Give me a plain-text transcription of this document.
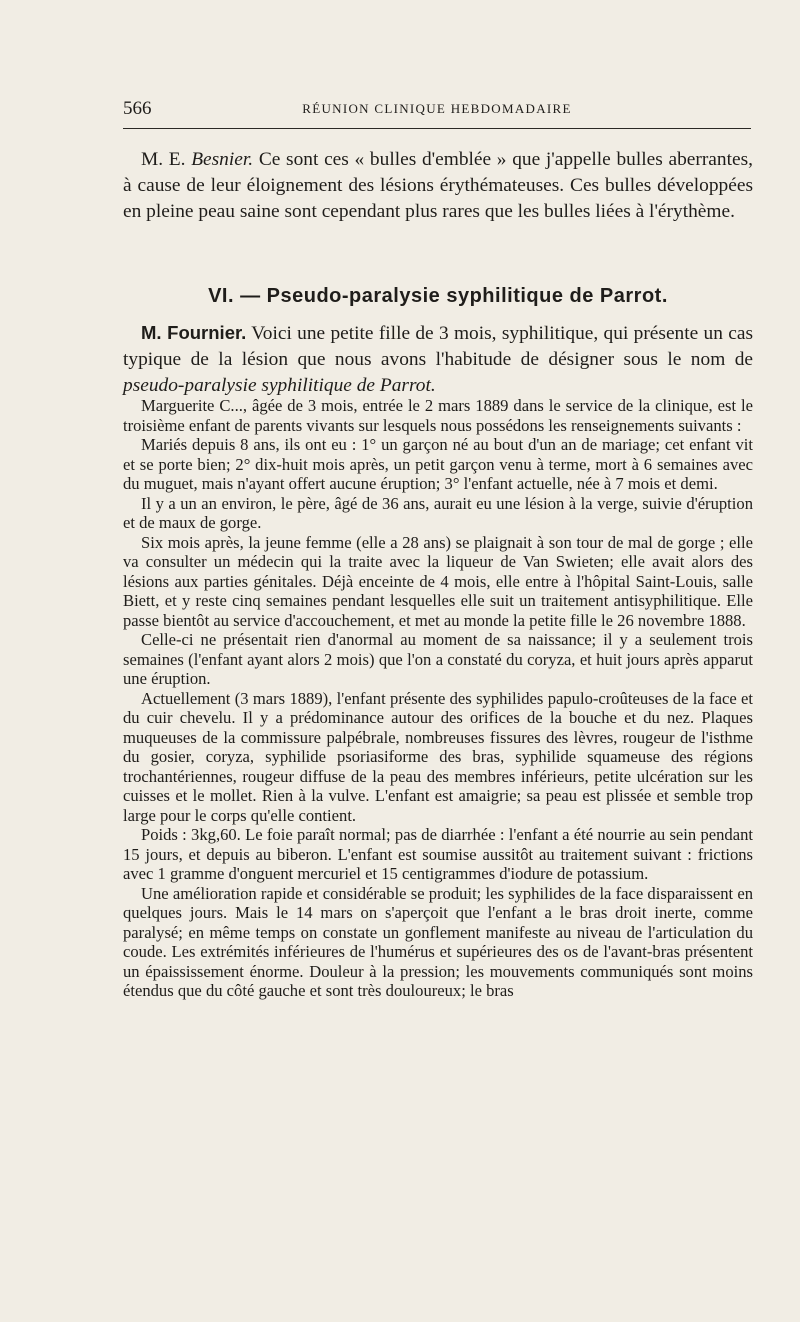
566	RÉUNION CLINIQUE HEBDOMADAIRE

M. E. Besnier. Ce sont ces « bulles d'emblée » que j'appelle bulles aberrantes, à cause de leur éloignement des lésions érythémateuses. Ces bulles développées en pleine peau saine sont cependant plus rares que les bulles liées à l'érythème.

VI. — Pseudo-paralysie syphilitique de Parrot.

M. Fournier. Voici une petite fille de 3 mois, syphilitique, qui présente un cas typique de la lésion que nous avons l'habitude de désigner sous le nom de pseudo-paralysie syphilitique de Parrot.

Marguerite C..., âgée de 3 mois, entrée le 2 mars 1889 dans le service de la clinique, est le troisième enfant de parents vivants sur lesquels nous possédons les renseignements suivants :

Mariés depuis 8 ans, ils ont eu : 1° un garçon né au bout d'un an de mariage; cet enfant vit et se porte bien; 2° dix-huit mois après, un petit garçon venu à terme, mort à 6 semaines avec du muguet, mais n'ayant offert aucune éruption; 3° l'enfant actuelle, née à 7 mois et demi.

Il y a un an environ, le père, âgé de 36 ans, aurait eu une lésion à la verge, suivie d'éruption et de maux de gorge.

Six mois après, la jeune femme (elle a 28 ans) se plaignait à son tour de mal de gorge ; elle va consulter un médecin qui la traite avec la liqueur de Van Swieten; elle avait alors des lésions aux parties génitales. Déjà enceinte de 4 mois, elle entre à l'hôpital Saint-Louis, salle Biett, et y reste cinq semaines pendant lesquelles elle suit un traitement antisyphilitique. Elle passe bientôt au service d'accouchement, et met au monde la petite fille le 26 novembre 1888.

Celle-ci ne présentait rien d'anormal au moment de sa naissance; il y a seulement trois semaines (l'enfant ayant alors 2 mois) que l'on a constaté du coryza, et huit jours après apparut une éruption.

Actuellement (3 mars 1889), l'enfant présente des syphilides papulo-croûteuses de la face et du cuir chevelu. Il y a prédominance autour des orifices de la bouche et du nez. Plaques muqueuses de la commissure palpébrale, nombreuses fissures des lèvres, rougeur de l'isthme du gosier, coryza, syphilide psoriasiforme des bras, syphilide squameuse des régions trochantériennes, rougeur diffuse de la peau des membres inférieurs, petite ulcération sur les cuisses et le mollet. Rien à la vulve. L'enfant est amaigrie; sa peau est plissée et semble trop large pour le corps qu'elle contient.

Poids : 3kg,60. Le foie paraît normal; pas de diarrhée : l'enfant a été nourrie au sein pendant 15 jours, et depuis au biberon. L'enfant est soumise aussitôt au traitement suivant : frictions avec 1 gramme d'onguent mercuriel et 15 centigrammes d'iodure de potassium.

Une amélioration rapide et considérable se produit; les syphilides de la face disparaissent en quelques jours. Mais le 14 mars on s'aperçoit que l'enfant a le bras droit inerte, comme paralysé; en même temps on constate un gonflement manifeste au niveau de l'articulation du coude. Les extrémités inférieures de l'humérus et supérieures des os de l'avant-bras présentent un épaississement énorme. Douleur à la pression; les mouvements communiqués sont moins étendus que du côté gauche et sont très douloureux; le bras
